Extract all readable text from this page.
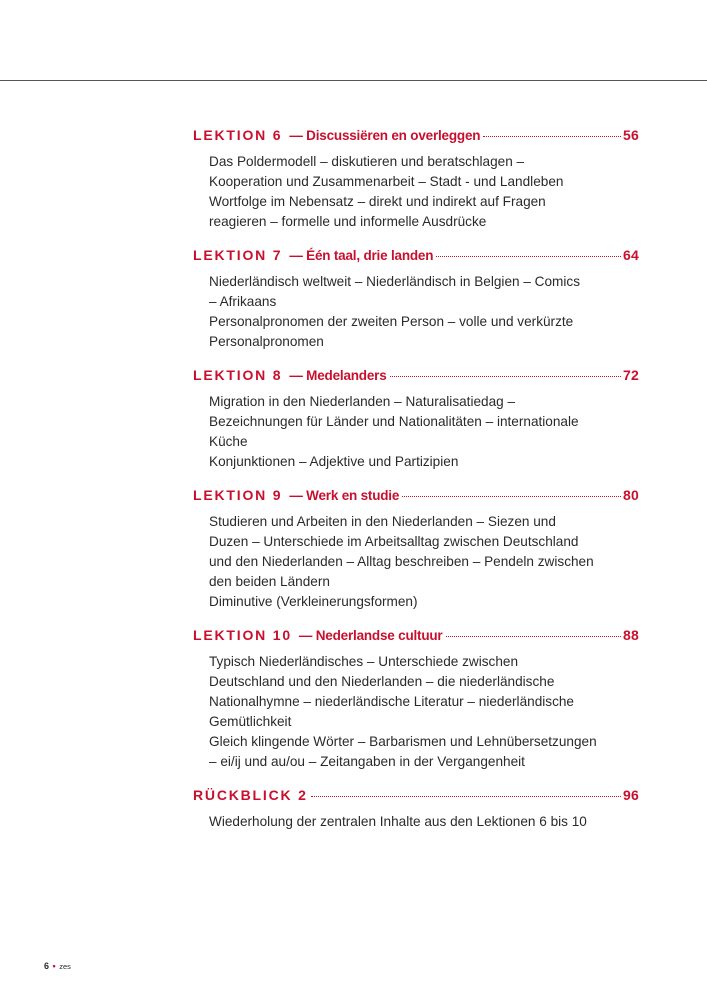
LEKTION 6 — Discussiëren en overleggen	56
Das Poldermodell – diskutieren und beratschlagen –
Kooperation und Zusammenarbeit – Stadt - und Landleben
Wortfolge im Nebensatz – direkt und indirekt auf Fragen
reagieren – formelle und informelle Ausdrücke
LEKTION 7 — Één taal, drie landen	64
Niederländisch weltweit – Niederländisch in Belgien – Comics
– Afrikaans
Personalpronomen der zweiten Person – volle und verkürzte
Personalpronomen
LEKTION 8 — Medelanders	72
Migration in den Niederlanden – Naturalisatiedag –
Bezeichnungen für Länder und Nationalitäten – internationale
Küche
Konjunktionen – Adjektive und Partizipien
LEKTION 9 — Werk en studie	80
Studieren und Arbeiten in den Niederlanden – Siezen und
Duzen – Unterschiede im Arbeitsalltag zwischen Deutschland
und den Niederlanden – Alltag beschreiben – Pendeln zwischen
den beiden Ländern
Diminutive (Verkleinerungsformen)
LEKTION 10 — Nederlandse cultuur	88
Typisch Niederländisches – Unterschiede zwischen
Deutschland und den Niederlanden – die niederländische
Nationalhymne – niederländische Literatur – niederländische
Gemütlichkeit
Gleich klingende Wörter – Barbarismen und Lehnübersetzungen
– ei/ij und au/ou – Zeitangaben in der Vergangenheit
RÜCKBLICK 2	96
Wiederholung der zentralen Inhalte aus den Lektionen 6 bis 10
6 • zes
